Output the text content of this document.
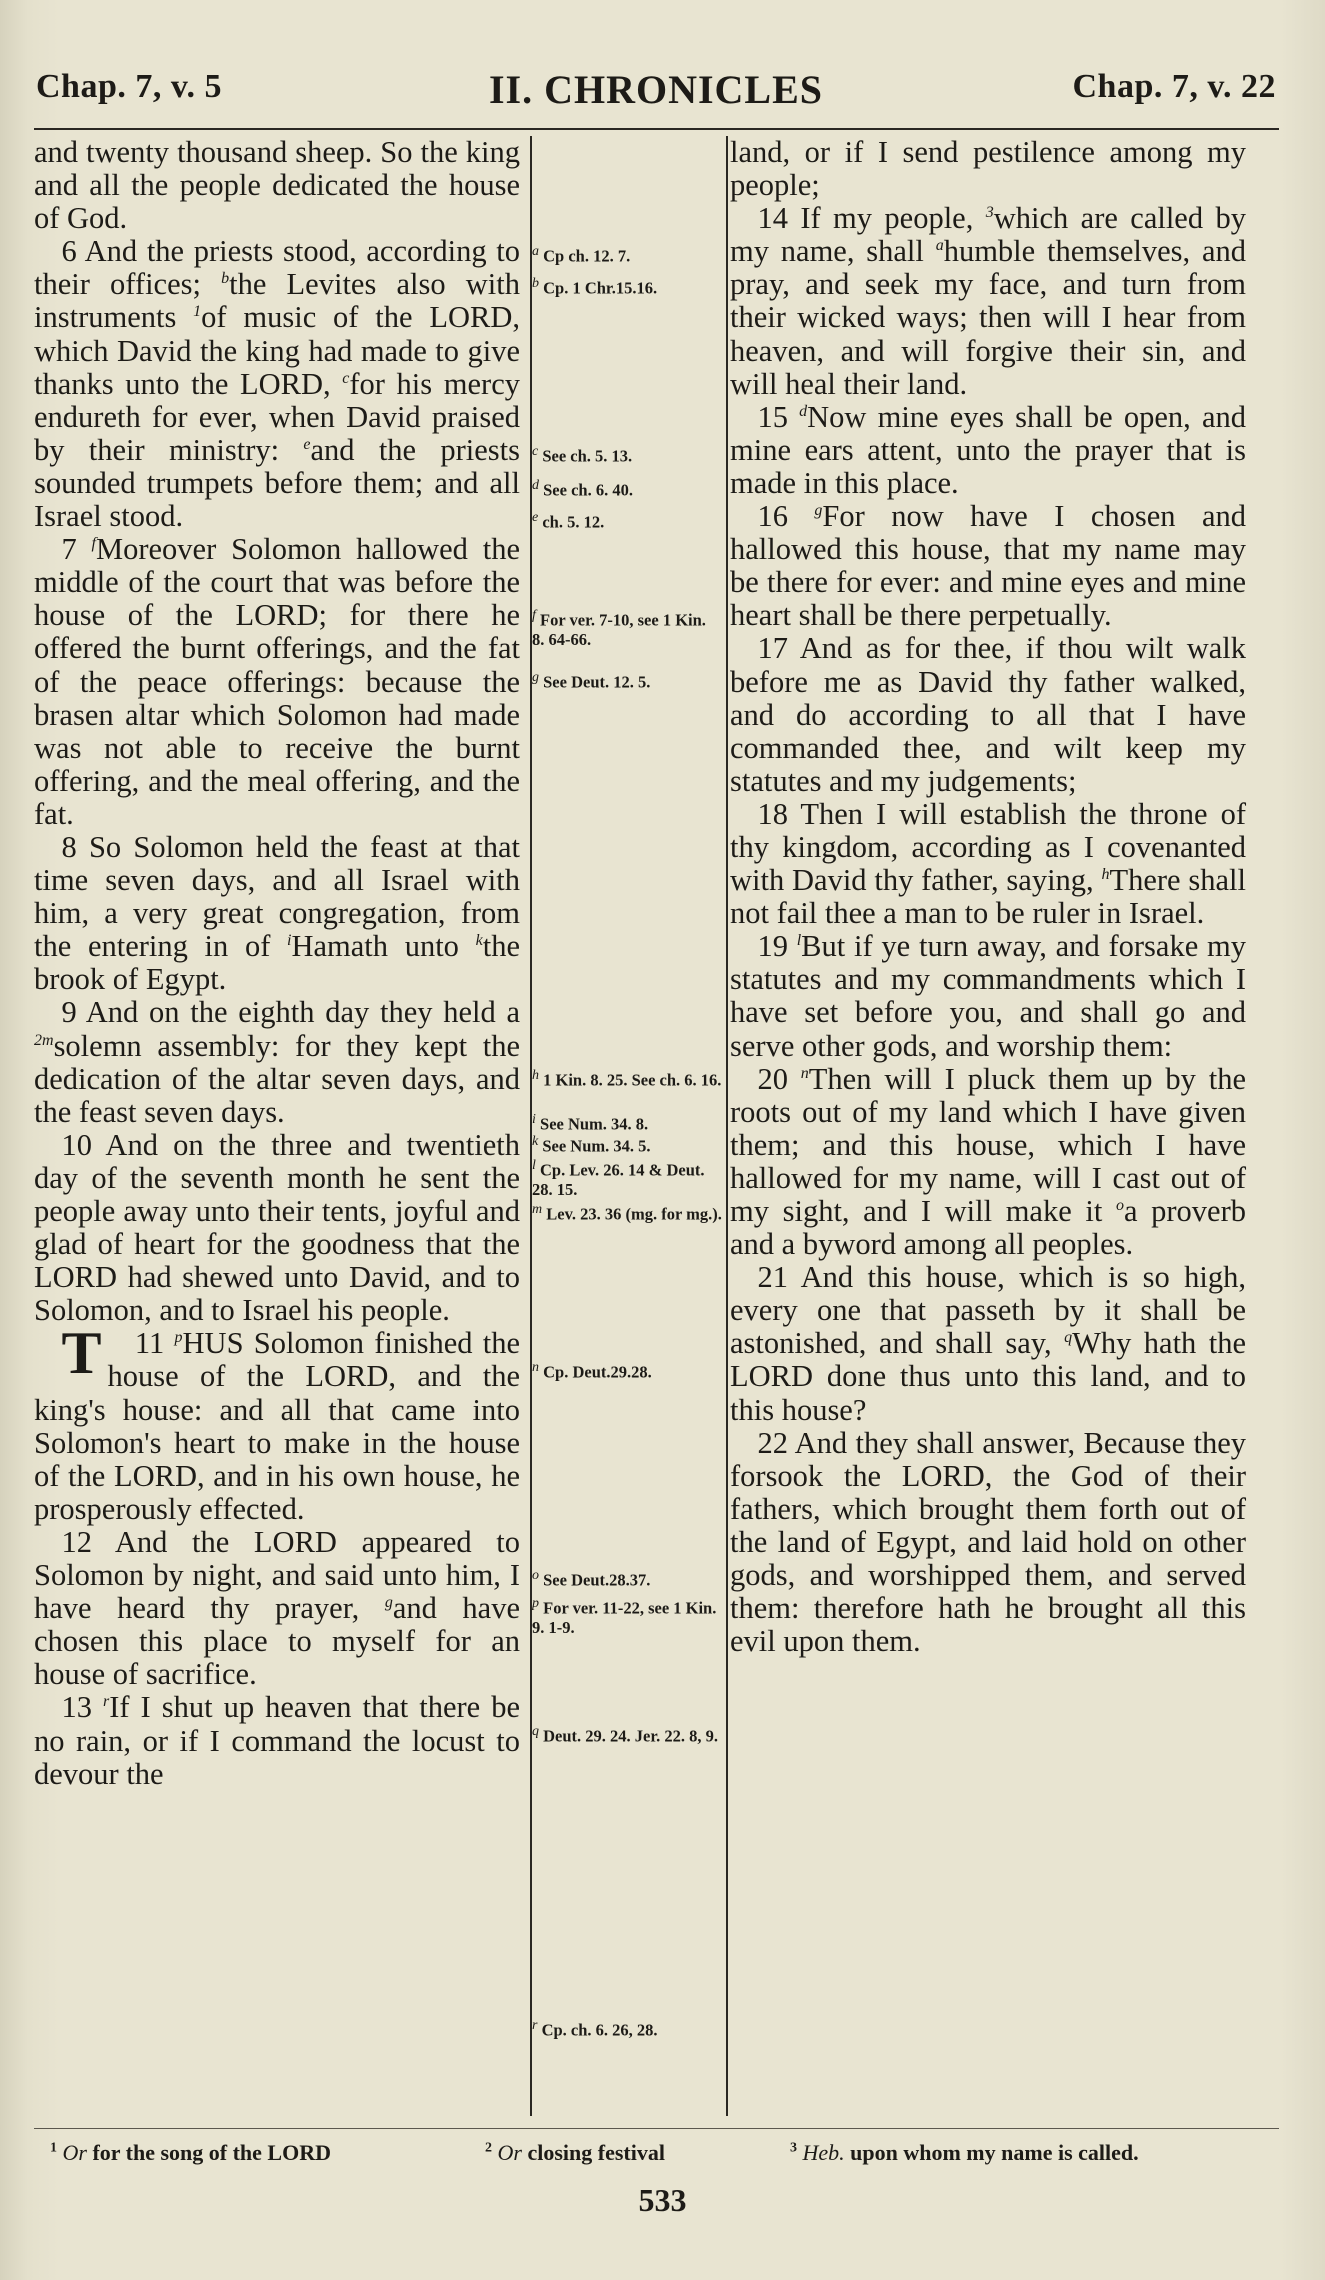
Chap. 7, v. 5	II. CHRONICLES	Chap. 7, v. 22

and twenty thousand sheep. So the king and all the people dedicated the house of God.

6 And the priests stood, according to their offices; $^b$the Levites also with instruments $^1$of music of the LORD, which David the king had made to give thanks unto the LORD, $^c$for his mercy endureth for ever, when David praised by their ministry: $^e$and the priests sounded trumpets before them; and all Israel stood.

7 $^f$Moreover Solomon hallowed the middle of the court that was before the house of the LORD; for there he offered the burnt offerings, and the fat of the peace offerings: because the brasen altar which Solomon had made was not able to receive the burnt offering, and the meal offering, and the fat.

8 So Solomon held the feast at that time seven days, and all Israel with him, a very great congregation, from the entering in of $^i$Hamath unto $^k$the brook of Egypt.

9 And on the eighth day they held a $^{2m}$solemn assembly: for they kept the dedication of the altar seven days, and the feast seven days.

10 And on the three and twentieth day of the seventh month he sent the people away unto their tents, joyful and glad of heart for the goodness that the LORD had shewed unto David, and to Solomon, and to Israel his people.

11 $^p$
T	HUS Solomon finished the house of the LORD, and the king's house: and all that came into Solomon's heart to make in the house of the LORD, and in his own house, he prosperously effected.

12 And the LORD appeared to Solomon by night, and said unto him, I have heard thy prayer, $^g$and have chosen this place to myself for an house of sacrifice.

13 $^r$If I shut up heaven that there be no rain, or if I command the locust to devour the

$^a$ Cp ch. 12. 7.
$^b$ Cp. 1 Chr.15.16.
$^c$ See ch. 5. 13.
$^d$ See ch. 6. 40.
$^e$ ch. 5. 12.
$^f$ For ver. 7-10, see 1 Kin. 8. 64-66.
$^g$ See Deut. 12. 5.
$^h$ 1 Kin. 8. 25. See ch. 6. 16.
$^i$ See Num. 34. 8.
$^k$ See Num. 34. 5.
$^l$ Cp. Lev. 26. 14 & Deut. 28. 15.
$^m$ Lev. 23. 36 (mg. for mg.).
$^n$ Cp. Deut.29.28.
$^o$ See Deut.28.37.
$^p$ For ver. 11-22, see 1 Kin. 9. 1-9.
$^q$ Deut. 29. 24. Jer. 22. 8, 9.
$^r$ Cp. ch. 6. 26, 28.

land, or if I send pestilence among my people;

14 If my people, $^3$which are called by my name, shall $^a$humble themselves, and pray, and seek my face, and turn from their wicked ways; then will I hear from heaven, and will forgive their sin, and will heal their land.

15 $^d$Now mine eyes shall be open, and mine ears attent, unto the prayer that is made in this place.

16 $^g$For now have I chosen and hallowed this house, that my name may be there for ever: and mine eyes and mine heart shall be there perpetually.

17 And as for thee, if thou wilt walk before me as David thy father walked, and do according to all that I have commanded thee, and wilt keep my statutes and my judgements;

18 Then I will establish the throne of thy kingdom, according as I covenanted with David thy father, saying, $^h$There shall not fail thee a man to be ruler in Israel.

19 $^l$But if ye turn away, and forsake my statutes and my commandments which I have set before you, and shall go and serve other gods, and worship them:

20 $^n$Then will I pluck them up by the roots out of my land which I have given them; and this house, which I have hallowed for my name, will I cast out of my sight, and I will make it $^o$a proverb and a byword among all peoples.

21 And this house, which is so high, every one that passeth by it shall be astonished, and shall say, $^q$Why hath the LORD done thus unto this land, and to this house?

22 And they shall answer, Because they forsook the LORD, the God of their fathers, which brought them forth out of the land of Egypt, and laid hold on other gods, and worshipped them, and served them: therefore hath he brought all this evil upon them.

$^1$ Or for the song of the LORD	$^2$ Or closing festival	$^3$ Heb. upon whom my name is called.
533
